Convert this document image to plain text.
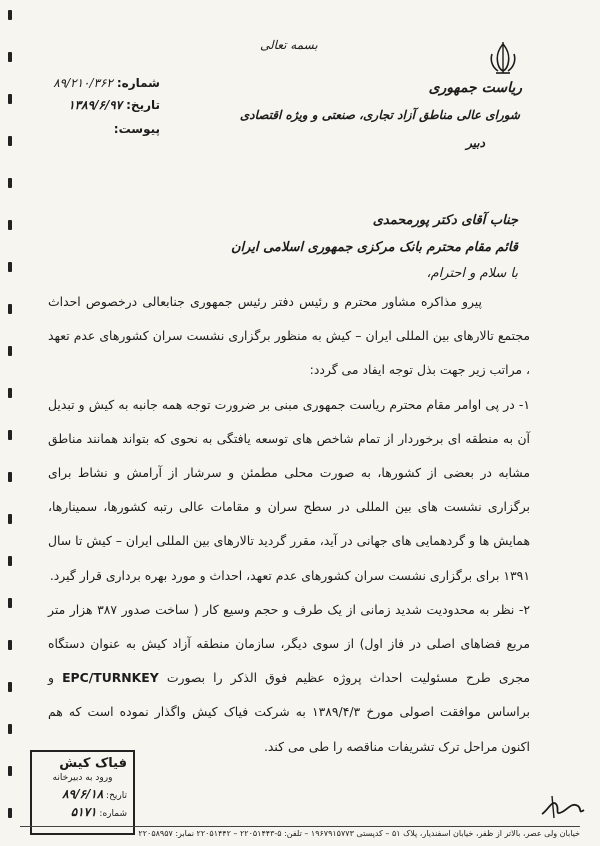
بسمه تعالی
ریاست جمهوری
شورای عالی مناطق آزاد تجاری، صنعتی و ویژه اقتصادی
دبیر
شماره:۸۹/۲۱۰/۳۶۲
تاریخ:۱۳۸۹/۶/۹۷
پیوست:
جناب آقای دکتر پورمحمدی
قائم مقام محترم بانک مرکزی جمهوری اسلامی ایران
با سلام و احترام،

پیرو مذاکره مشاور محترم و رئیس دفتر رئیس جمهوری جنابعالی درخصوص احداث مجتمع تالارهای بین المللی ایران – کیش به منظور برگزاری نشست سران کشورهای عدم تعهد ، مراتب زیر جهت بذل توجه ایفاد می گردد:

۱- در پی اوامر مقام محترم ریاست جمهوری مبنی بر ضرورت توجه همه جانبه به کیش و تبدیل آن به منطقه ای برخوردار از تمام شاخص های توسعه یافتگی به نحوی که بتواند همانند مناطق مشابه در بعضی از کشورها، به صورت محلی مطمئن و سرشار از آرامش و نشاط برای برگزاری نشست های بین المللی در سطح سران و مقامات عالی رتبه کشورها، سمینارها، همایش ها و گردهمایی های جهانی در آید، مقرر گردید تالارهای بین المللی ایران – کیش تا سال ۱۳۹۱ برای برگزاری نشست سران کشورهای عدم تعهد، احداث و مورد بهره برداری قرار گیرد.

۲- نظر به محدودیت شدید زمانی از یک طرف و حجم وسیع کار ( ساخت صدور ۳۸۷ هزار متر مربع فضاهای اصلی در فاز اول) از سوی دیگر، سازمان منطقه آزاد کیش به عنوان دستگاه مجری طرح مسئولیت احداث پروژه عظیم فوق الذکر را بصورت EPC/TURNKEY و براساس موافقت اصولی مورخ ۱۳۸۹/۴/۳ به شرکت فیاک کیش واگذار نموده است که هم اکنون مراحل ترک تشریفات مناقصه را طی می کند.

فیاک کیش
ورود به دبیرخانه
تاریخ: ۸۹/۶/۱۸
شماره: ۵۱۷۱
خیابان ولی عصر، بالاتر از ظفر، خیابان اسفندیار، پلاک ۵۱ – کدپستی ۱۹۶۷۹۱۵۷۷۳ – تلفن: ۵-۲۲۰۵۱۴۴۳ – ۲۲۰۵۱۴۴۲ نمابر: ۲۲۰۵۸۹۵۷
